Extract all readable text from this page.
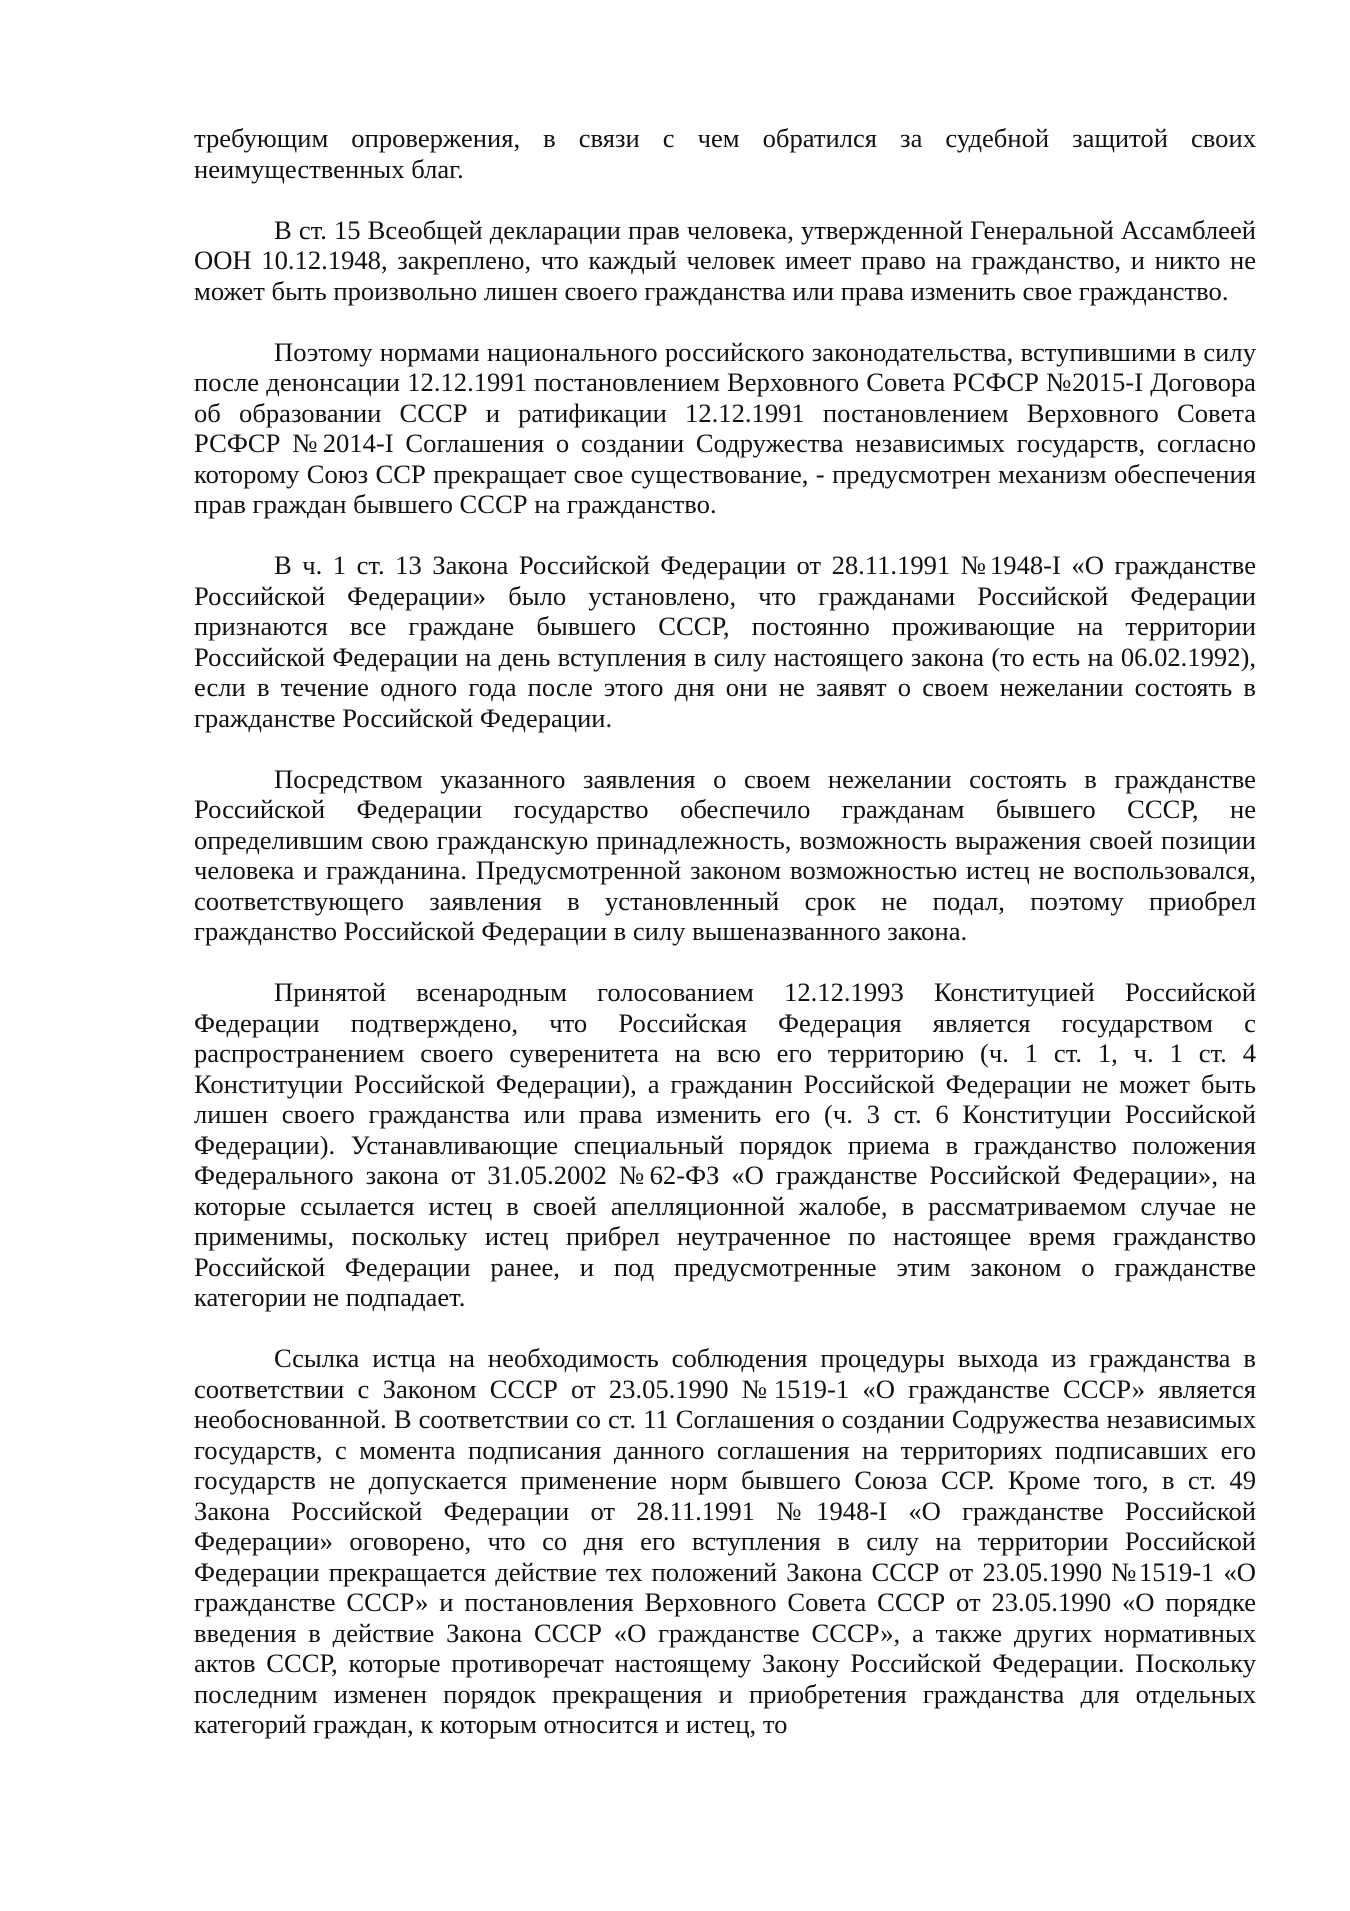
требующим опровержения, в связи с чем обратился за судебной защитой своих неимущественных благ.

В ст. 15 Всеобщей декларации прав человека, утвержденной Генеральной Ассамблеей ООН 10.12.1948, закреплено, что каждый человек имеет право на гражданство, и никто не может быть произвольно лишен своего гражданства или права изменить свое гражданство.

Поэтому нормами национального российского законодательства, вступившими в силу после денонсации 12.12.1991 постановлением Верховного Совета РСФСР №2015-I Договора об образовании СССР и ратификации 12.12.1991 постановлением Верховного Совета РСФСР №2014-I Соглашения о создании Содружества независимых государств, согласно которому Союз ССР прекращает свое существование, - предусмотрен механизм обеспечения прав граждан бывшего СССР на гражданство.

В ч. 1 ст. 13 Закона Российской Федерации от 28.11.1991 №1948-I «О гражданстве Российской Федерации» было установлено, что гражданами Российской Федерации признаются все граждане бывшего СССР, постоянно проживающие на территории Российской Федерации на день вступления в силу настоящего закона (то есть на 06.02.1992), если в течение одного года после этого дня они не заявят о своем нежелании состоять в гражданстве Российской Федерации.

Посредством указанного заявления о своем нежелании состоять в гражданстве Российской Федерации государство обеспечило гражданам бывшего СССР, не определившим свою гражданскую принадлежность, возможность выражения своей позиции человека и гражданина. Предусмотренной законом возможностью истец не воспользовался, соответствующего заявления в установленный срок не подал, поэтому приобрел гражданство Российской Федерации в силу вышеназванного закона.

Принятой всенародным голосованием 12.12.1993 Конституцией Российской Федерации подтверждено, что Российская Федерация является государством с распространением своего суверенитета на всю его территорию (ч. 1 ст. 1, ч. 1 ст. 4 Конституции Российской Федерации), а гражданин Российской Федерации не может быть лишен своего гражданства или права изменить его (ч. 3 ст. 6 Конституции Российской Федерации). Устанавливающие специальный порядок приема в гражданство положения Федерального закона от 31.05.2002 №62-ФЗ «О гражданстве Российской Федерации», на которые ссылается истец в своей апелляционной жалобе, в рассматриваемом случае не применимы, поскольку истец прибрел неутраченное по настоящее время гражданство Российской Федерации ранее, и под предусмотренные этим законом о гражданстве категории не подпадает.

Ссылка истца на необходимость соблюдения процедуры выхода из гражданства в соответствии с Законом СССР от 23.05.1990 №1519-1 «О гражданстве СССР» является необоснованной. В соответствии со ст. 11 Соглашения о создании Содружества независимых государств, с момента подписания данного соглашения на территориях подписавших его государств не допускается применение норм бывшего Союза ССР. Кроме того, в ст. 49 Закона Российской Федерации от 28.11.1991 №1948-I «О гражданстве Российской Федерации» оговорено, что со дня его вступления в силу на территории Российской Федерации прекращается действие тех положений Закона СССР от 23.05.1990 №1519-1 «О гражданстве СССР» и постановления Верховного Совета СССР от 23.05.1990 «О порядке введения в действие Закона СССР «О гражданстве СССР», а также других нормативных актов СССР, которые противоречат настоящему Закону Российской Федерации. Поскольку последним изменен порядок прекращения и приобретения гражданства для отдельных категорий граждан, к которым относится и истец, то
